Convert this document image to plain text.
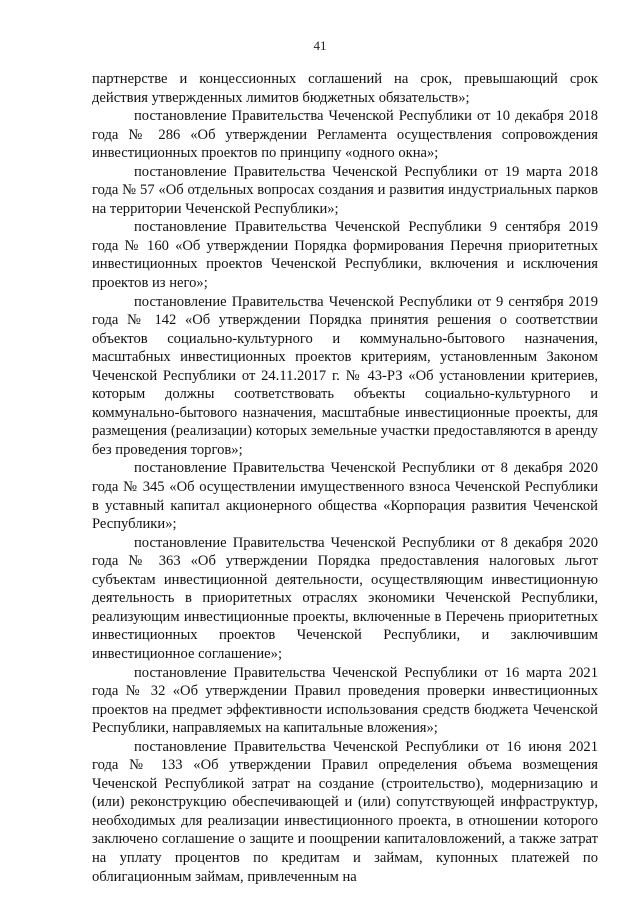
41

партнерстве и концессионных соглашений на срок, превышающий срок действия утвержденных лимитов бюджетных обязательств»;

постановление Правительства Чеченской Республики от 10 декабря 2018 года № 286 «Об утверждении Регламента осуществления сопровождения инвестиционных проектов по принципу «одного окна»;

постановление Правительства Чеченской Республики от 19 марта 2018 года № 57 «Об отдельных вопросах создания и развития индустриальных парков на территории Чеченской Республики»;

постановление Правительства Чеченской Республики 9 сентября 2019 года № 160 «Об утверждении Порядка формирования Перечня приоритетных инвестиционных проектов Чеченской Республики, включения и исключения проектов из него»;

постановление Правительства Чеченской Республики от 9 сентября 2019 года № 142 «Об утверждении Порядка принятия решения о соответствии объектов социально-культурного и коммунально-бытового назначения, масштабных инвестиционных проектов критериям, установленным Законом Чеченской Республики от 24.11.2017 г. № 43-РЗ «Об установлении критериев, которым должны соответствовать объекты социально-культурного и коммунально-бытового назначения, масштабные инвестиционные проекты, для размещения (реализации) которых земельные участки предоставляются в аренду без проведения торгов»;

постановление Правительства Чеченской Республики от 8 декабря 2020 года № 345 «Об осуществлении имущественного взноса Чеченской Республики в уставный капитал акционерного общества «Корпорация развития Чеченской Республики»;

постановление Правительства Чеченской Республики от 8 декабря 2020 года № 363 «Об утверждении Порядка предоставления налоговых льгот субъектам инвестиционной деятельности, осуществляющим инвестиционную деятельность в приоритетных отраслях экономики Чеченской Республики, реализующим инвестиционные проекты, включенные в Перечень приоритетных инвестиционных проектов Чеченской Республики, и заключившим инвестиционное соглашение»;

постановление Правительства Чеченской Республики от 16 марта 2021 года № 32 «Об утверждении Правил проведения проверки инвестиционных проектов на предмет эффективности использования средств бюджета Чеченской Республики, направляемых на капитальные вложения»;

постановление Правительства Чеченской Республики от 16 июня 2021 года № 133 «Об утверждении Правил определения объема возмещения Чеченской Республикой затрат на создание (строительство), модернизацию и (или) реконструкцию обеспечивающей и (или) сопутствующей инфраструктур, необходимых для реализации инвестиционного проекта, в отношении которого заключено соглашение о защите и поощрении капиталовложений, а также затрат на уплату процентов по кредитам и займам, купонных платежей по облигационным займам, привлеченным на
